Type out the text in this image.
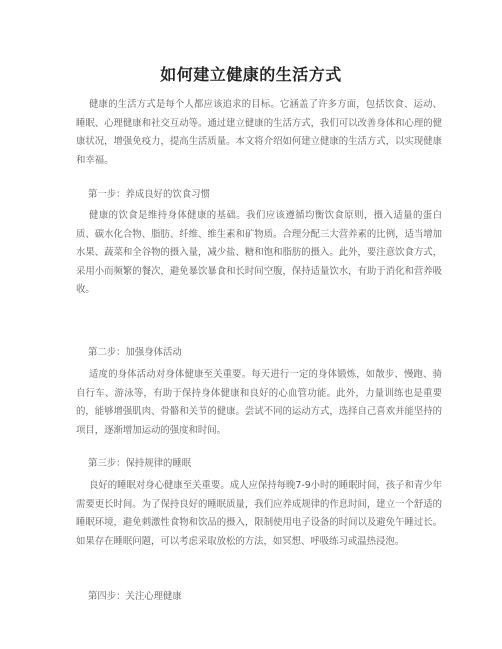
如何建立健康的生活方式

健康的生活方式是每个人都应该追求的目标。它涵盖了许多方面，包括饮食、运动、睡眠、心理健康和社交互动等。通过建立健康的生活方式，我们可以改善身体和心理的健康状况，增强免疫力，提高生活质量。本文将介绍如何建立健康的生活方式，以实现健康和幸福。

第一步：养成良好的饮食习惯

健康的饮食是维持身体健康的基础。我们应该遵循均衡饮食原则，摄入适量的蛋白质、碳水化合物、脂肪、纤维、维生素和矿物质。合理分配三大营养素的比例，适当增加水果、蔬菜和全谷物的摄入量，减少盐、糖和饱和脂肪的摄入。此外，要注意饮食方式，采用小而频繁的餐次，避免暴饮暴食和长时间空腹，保持适量饮水，有助于消化和营养吸收。

第二步：加强身体活动

适度的身体活动对身体健康至关重要。每天进行一定的身体锻炼，如散步、慢跑、骑自行车、游泳等，有助于保持身体健康和良好的心血管功能。此外，力量训练也是重要的，能够增强肌肉、骨骼和关节的健康。尝试不同的运动方式，选择自己喜欢并能坚持的项目，逐渐增加运动的强度和时间。

第三步：保持规律的睡眠

良好的睡眠对身心健康至关重要。成人应保持每晚7-9小时的睡眠时间，孩子和青少年需要更长时间。为了保持良好的睡眠质量，我们应养成规律的作息时间，建立一个舒适的睡眠环境，避免刺激性食物和饮品的摄入，限制使用电子设备的时间以及避免午睡过长。如果存在睡眠问题，可以考虑采取放松的方法，如冥想、呼吸练习或温热浸泡。

第四步：关注心理健康
